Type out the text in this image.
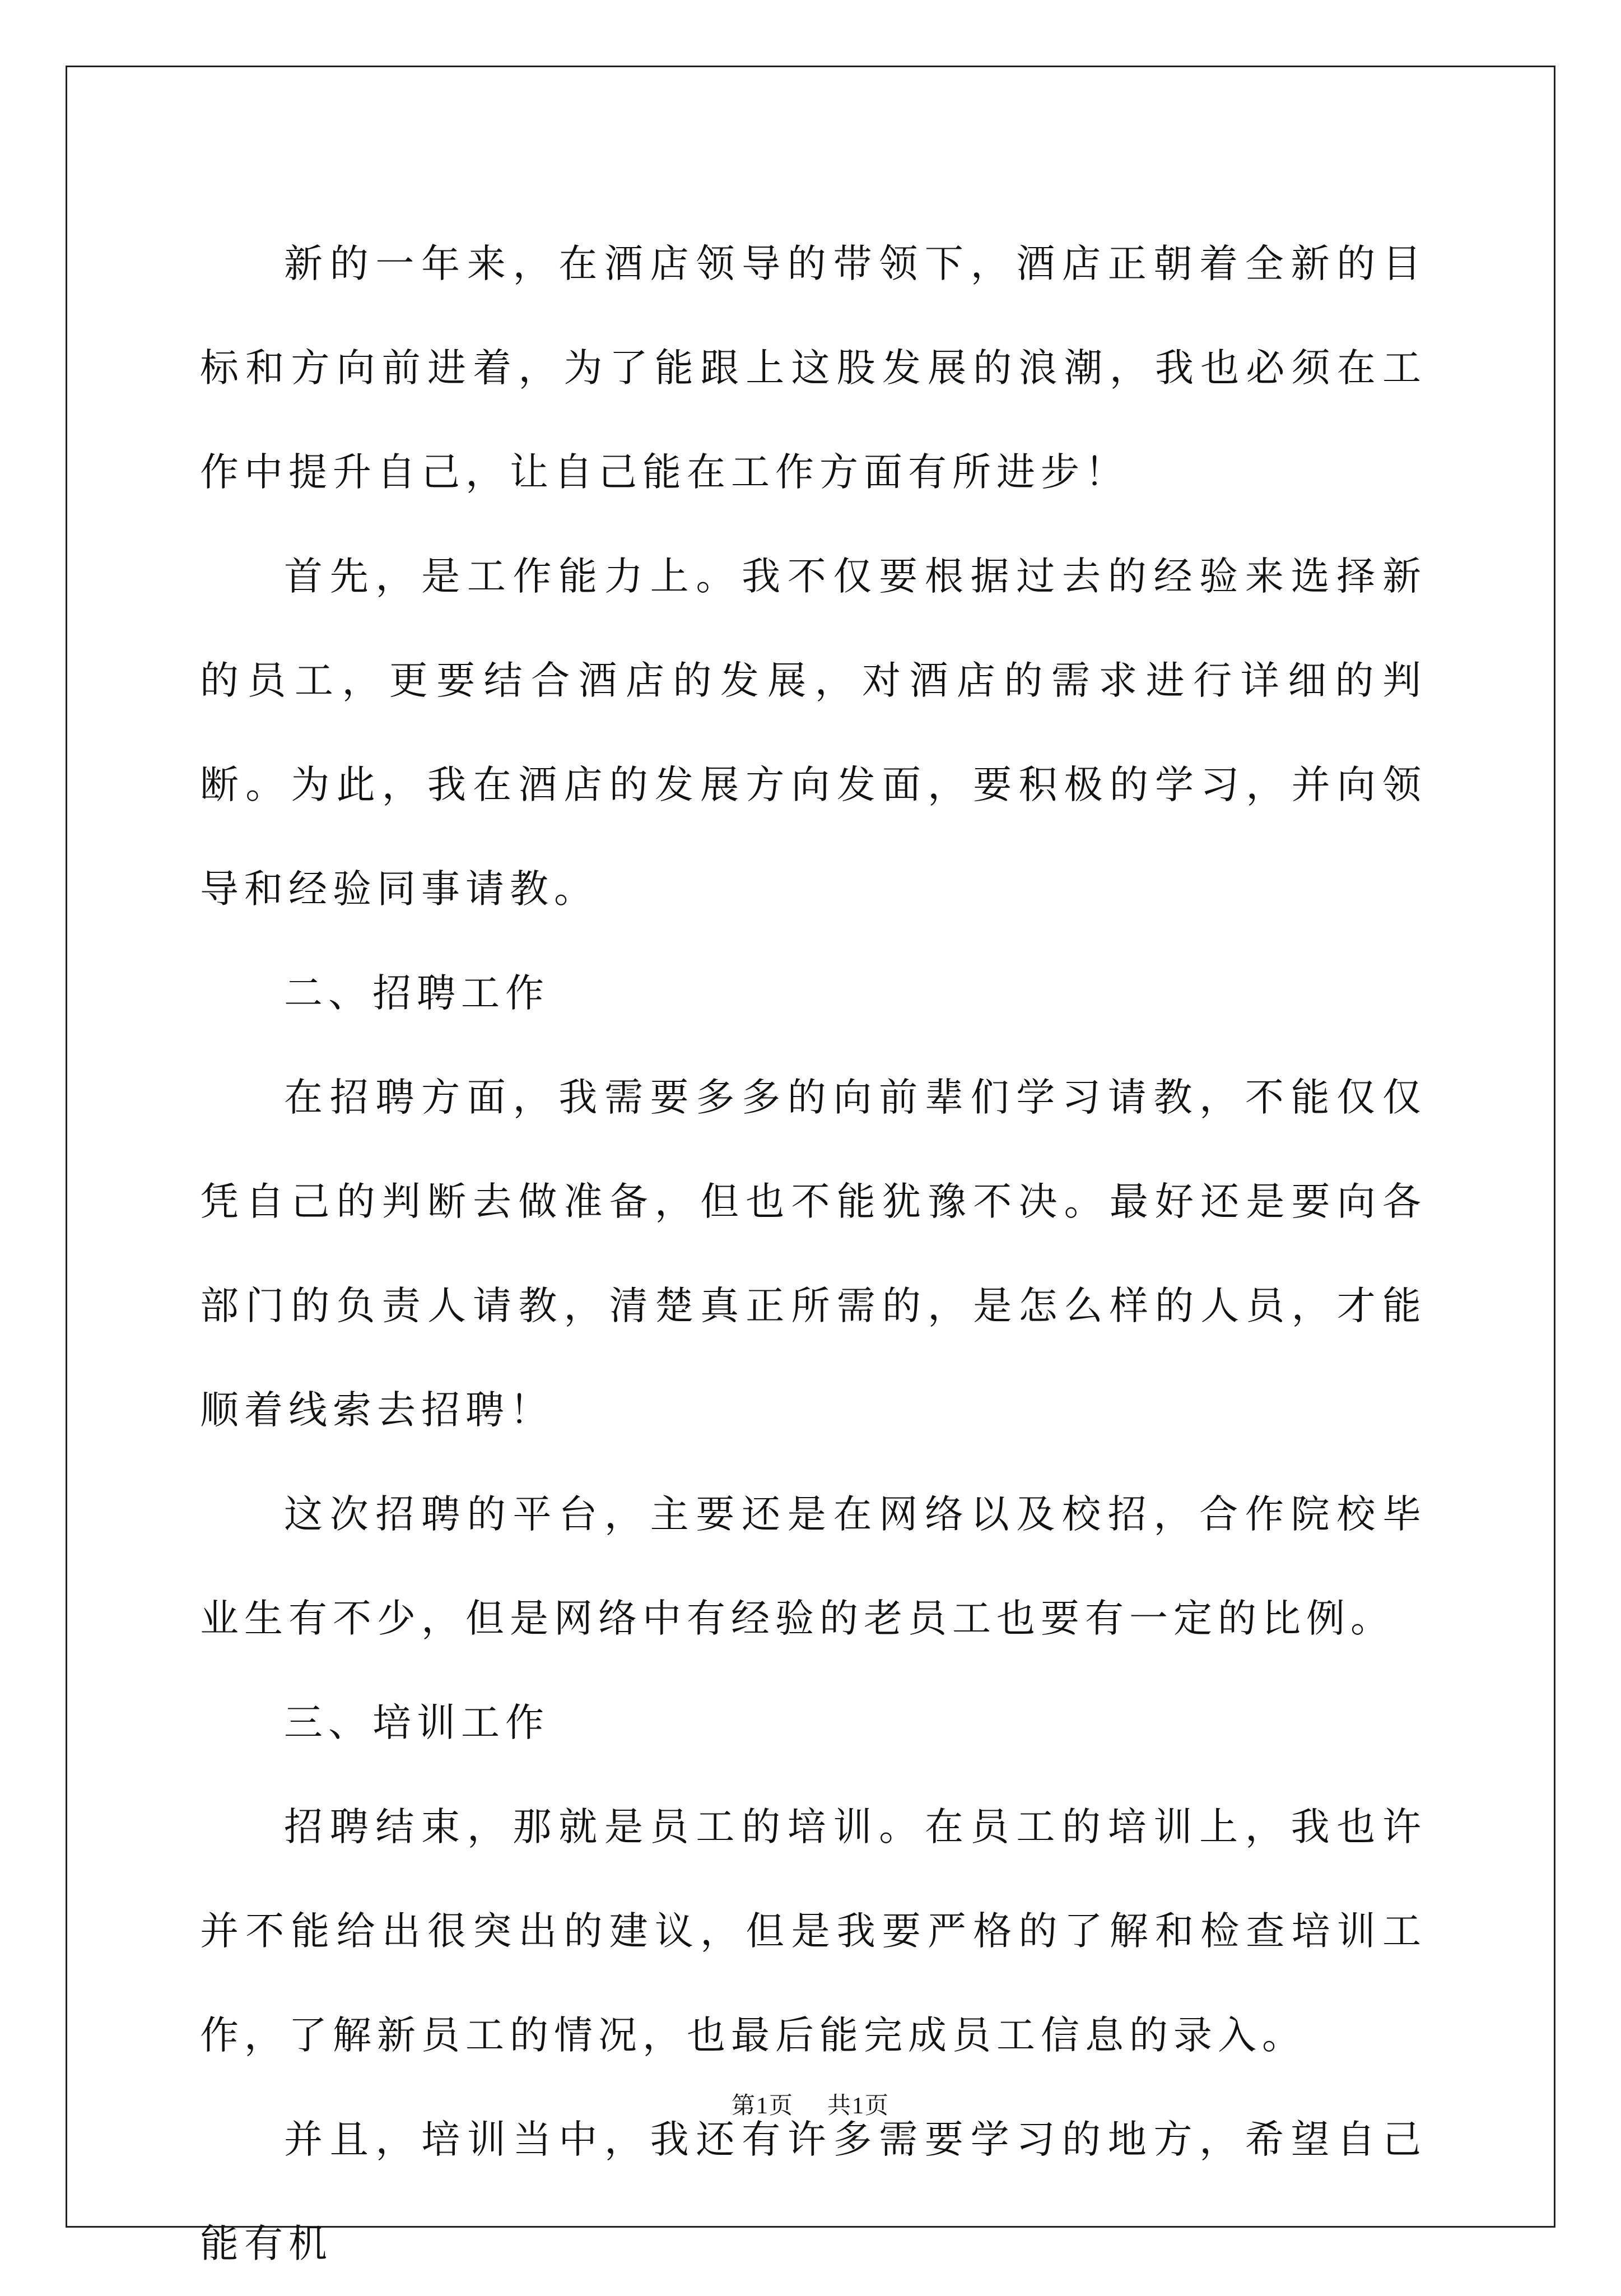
新的一年来，在酒店领导的带领下，酒店正朝着全新的目标和方向前进着，为了能跟上这股发展的浪潮，我也必须在工作中提升自己，让自己能在工作方面有所进步！

首先，是工作能力上。我不仅要根据过去的经验来选择新的员工，更要结合酒店的发展，对酒店的需求进行详细的判断。为此，我在酒店的发展方向发面，要积极的学习，并向领导和经验同事请教。

二、招聘工作

在招聘方面，我需要多多的向前辈们学习请教，不能仅仅凭自己的判断去做准备，但也不能犹豫不决。最好还是要向各部门的负责人请教，清楚真正所需的，是怎么样的人员，才能顺着线索去招聘！

这次招聘的平台，主要还是在网络以及校招，合作院校毕业生有不少，但是网络中有经验的老员工也要有一定的比例。

三、培训工作

招聘结束，那就是员工的培训。在员工的培训上，我也许并不能给出很突出的建议，但是我要严格的了解和检查培训工作，了解新员工的情况，也最后能完成员工信息的录入。

并且，培训当中，我还有许多需要学习的地方，希望自己能有机

第1页 共1页
